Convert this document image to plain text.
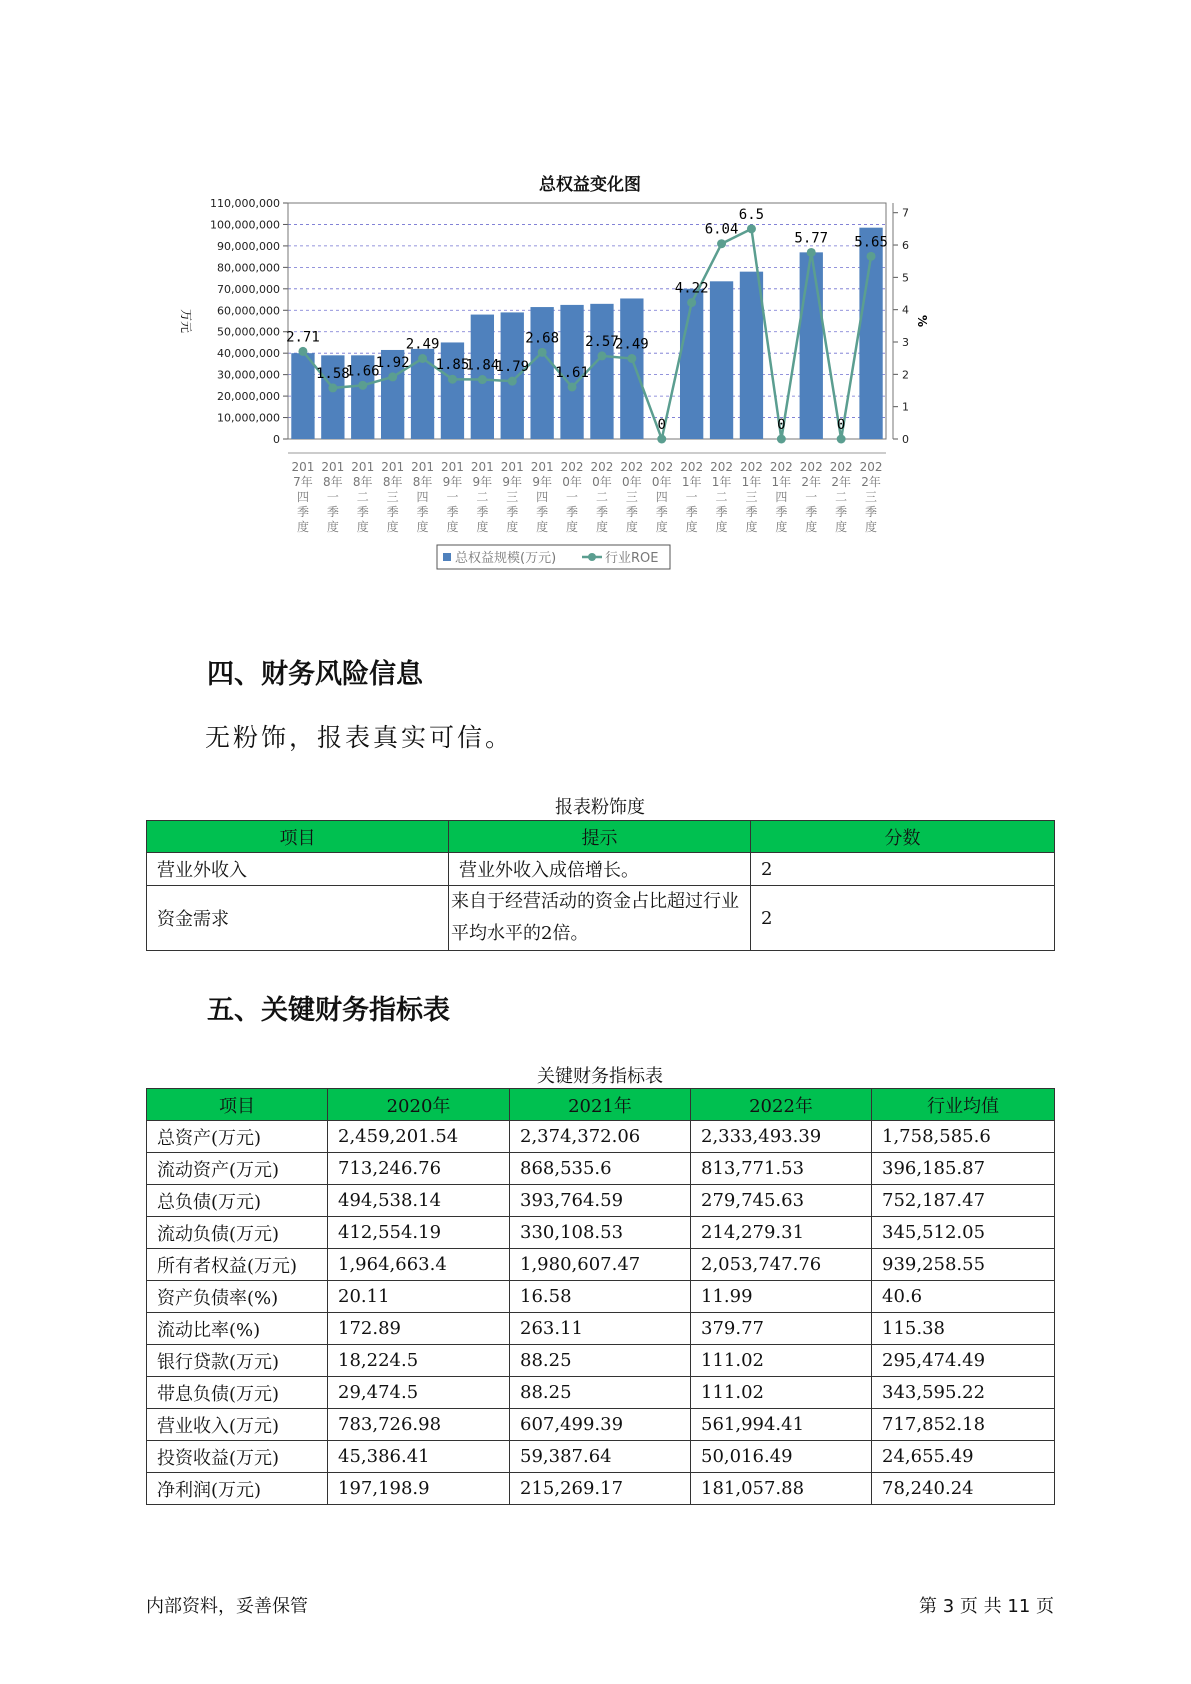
总权益变化图
0
10,000,000
20,000,000
30,000,000
40,000,000
50,000,000
60,000,000
70,000,000
80,000,000
90,000,000
100,000,000
110,000,000
0
1
2
3
4
5
6
7
万元	%
201
7年
四
季
度
201
8年
一
季
度
201
8年
二
季
度
201
8年
三
季
度
201
8年
四
季
度
201
9年
一
季
度
201
9年
二
季
度
201
9年
三
季
度
201
9年
四
季
度
202
0年
一
季
度
202
0年
二
季
度
202
0年
三
季
度
202
0年
四
季
度
202
1年
一
季
度
202
1年
二
季
度
202
1年
三
季
度
202
1年
四
季
度
202
2年
一
季
度
202
2年
二
季
度
202
2年
三
季
度
2.71
1.58
1.66
1.92
2.49
1.85
1.84
1.79
2.68
1.61
2.57
2.49
0
4.22
6.04
6.5
0
5.77
0
5.65
总权益规模(万元)	行业ROE
四、财务风险信息
无粉饰，报表真实可信。
报表粉饰度
项目	提示	分数
营业外收入	营业外收入成倍增长。	2
资金需求	来自于经营活动的资金占比超过行业平均水平的2倍。	2
五、关键财务指标表
关键财务指标表
项目	2020年	2021年	2022年	行业均值
总资产(万元)	2,459,201.54	2,374,372.06	2,333,493.39	1,758,585.6
流动资产(万元)	713,246.76	868,535.6	813,771.53	396,185.87
总负债(万元)	494,538.14	393,764.59	279,745.63	752,187.47
流动负债(万元)	412,554.19	330,108.53	214,279.31	345,512.05
所有者权益(万元)	1,964,663.4	1,980,607.47	2,053,747.76	939,258.55
资产负债率(%)	20.11	16.58	11.99	40.6
流动比率(%)	172.89	263.11	379.77	115.38
银行贷款(万元)	18,224.5	88.25	111.02	295,474.49
带息负债(万元)	29,474.5	88.25	111.02	343,595.22
营业收入(万元)	783,726.98	607,499.39	561,994.41	717,852.18
投资收益(万元)	45,386.41	59,387.64	50,016.49	24,655.49
净利润(万元)	197,198.9	215,269.17	181,057.88	78,240.24
内部资料，妥善保管	第 3 页 共 11 页
